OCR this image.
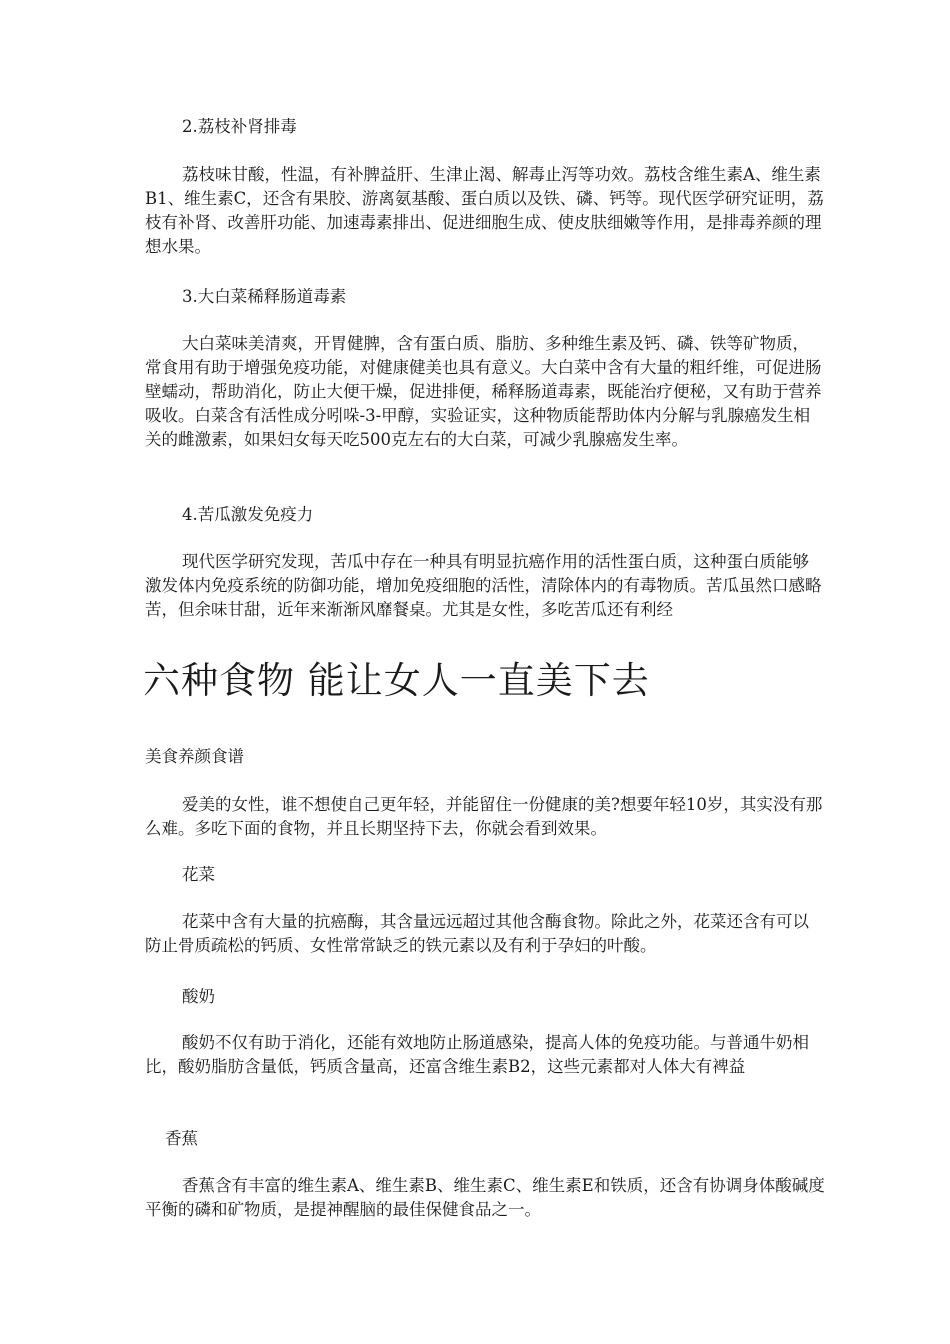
2.荔枝补肾排毒

荔枝味甘酸，性温，有补脾益肝、生津止渴、解毒止泻等功效。荔枝含维生素A、维生素B1、维生素C，还含有果胶、游离氨基酸、蛋白质以及铁、磷、钙等。现代医学研究证明，荔枝有补肾、改善肝功能、加速毒素排出、促进细胞生成、使皮肤细嫩等作用，是排毒养颜的理想水果。

3.大白菜稀释肠道毒素

大白菜味美清爽，开胃健脾，含有蛋白质、脂肪、多种维生素及钙、磷、铁等矿物质，常食用有助于增强免疫功能，对健康健美也具有意义。大白菜中含有大量的粗纤维，可促进肠壁蠕动，帮助消化，防止大便干燥，促进排便，稀释肠道毒素，既能治疗便秘，又有助于营养吸收。白菜含有活性成分吲哚-3-甲醇，实验证实，这种物质能帮助体内分解与乳腺癌发生相关的雌激素，如果妇女每天吃500克左右的大白菜，可减少乳腺癌发生率。

4.苦瓜激发免疫力

现代医学研究发现，苦瓜中存在一种具有明显抗癌作用的活性蛋白质，这种蛋白质能够激发体内免疫系统的防御功能，增加免疫细胞的活性，清除体内的有毒物质。苦瓜虽然口感略苦，但余味甘甜，近年来渐渐风靡餐桌。尤其是女性，多吃苦瓜还有利经

六种食物 能让女人一直美下去

美食养颜食谱

爱美的女性，谁不想使自己更年轻，并能留住一份健康的美?想要年轻10岁，其实没有那么难。多吃下面的食物，并且长期坚持下去，你就会看到效果。

花菜

花菜中含有大量的抗癌酶，其含量远远超过其他含酶食物。除此之外，花菜还含有可以防止骨质疏松的钙质、女性常常缺乏的铁元素以及有利于孕妇的叶酸。

酸奶

酸奶不仅有助于消化，还能有效地防止肠道感染，提高人体的免疫功能。与普通牛奶相比，酸奶脂肪含量低，钙质含量高，还富含维生素B2，这些元素都对人体大有裨益

香蕉

香蕉含有丰富的维生素A、维生素B、维生素C、维生素E和铁质，还含有协调身体酸碱度平衡的磷和矿物质，是提神醒脑的最佳保健食品之一。
